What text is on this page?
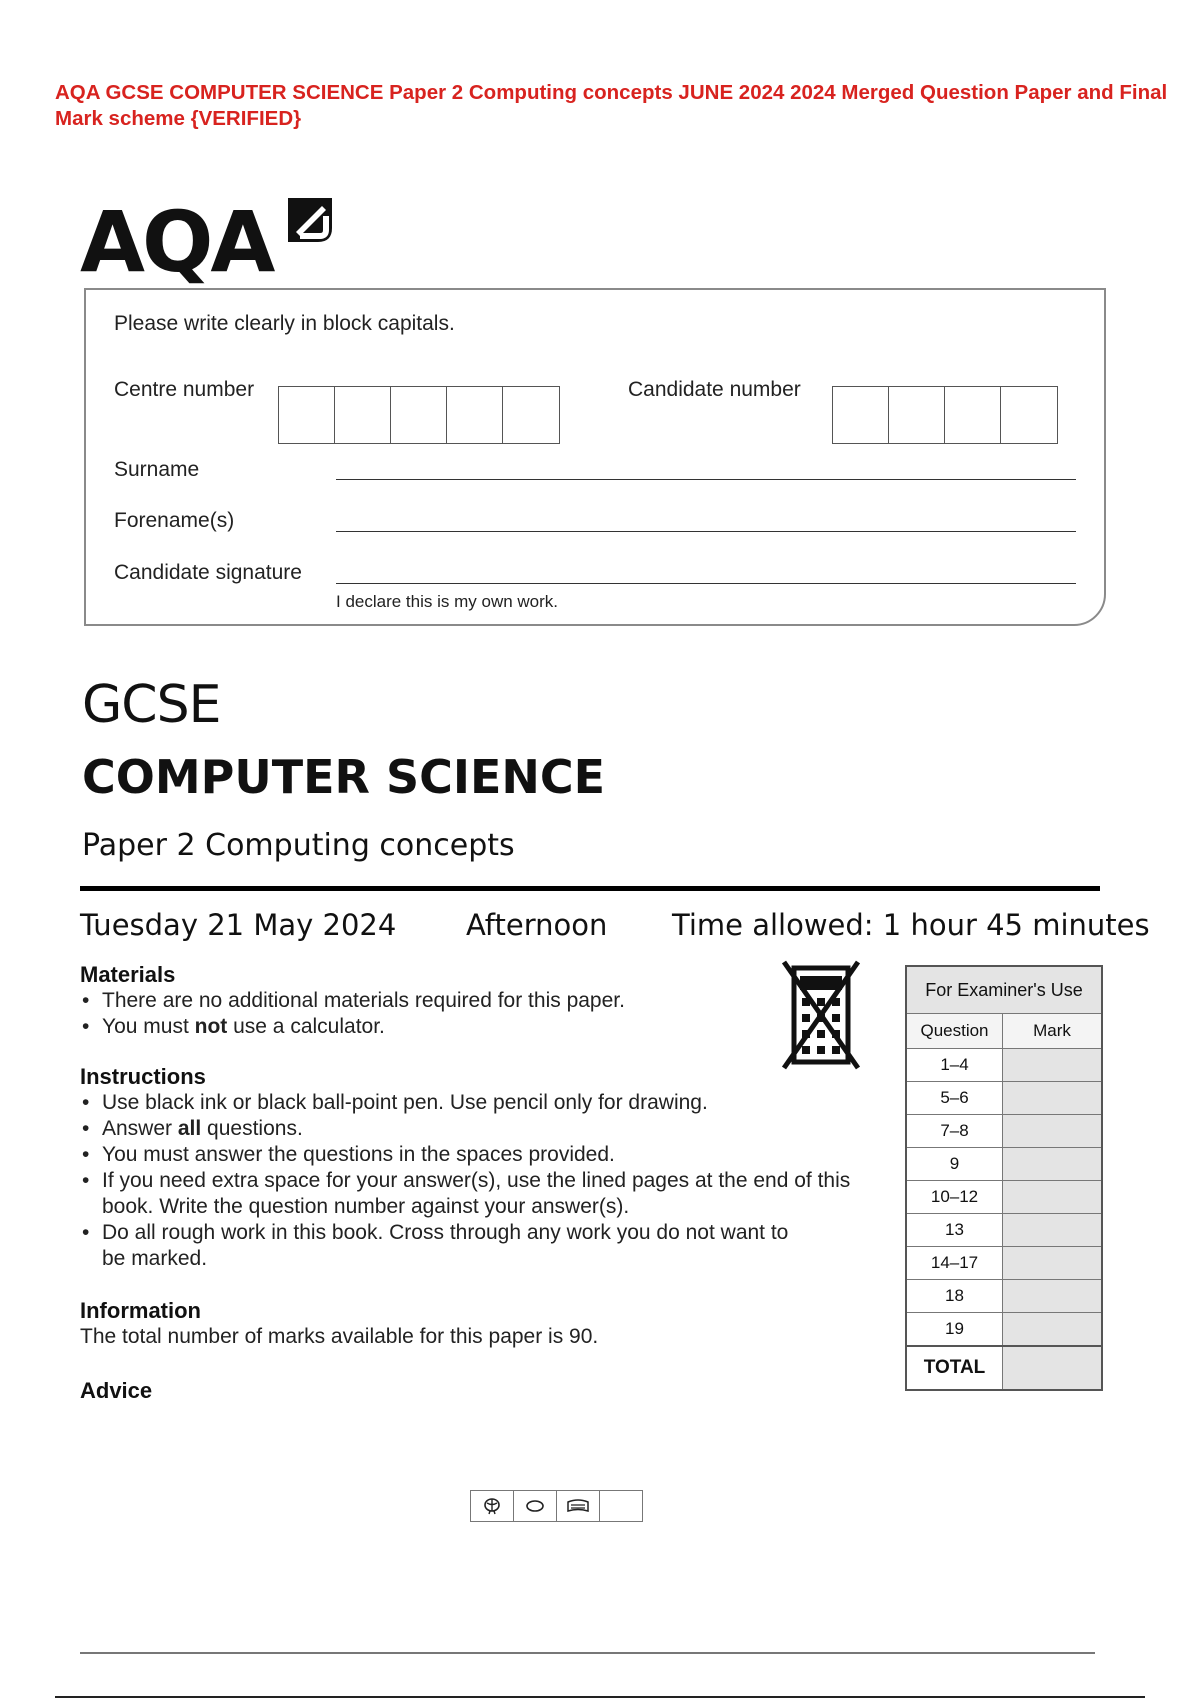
AQA GCSE COMPUTER SCIENCE Paper 2 Computing concepts JUNE 2024 2024 Merged Question Paper and Final Mark scheme {VERIFIED}
AQA
Please write clearly in block capitals.
Centre number	Candidate number
Surname
Forename(s)
Candidate signature
I declare this is my own work.
GCSE
COMPUTER SCIENCE
Paper 2 Computing concepts
Tuesday 21 May 2024 Afternoon Time allowed: 1 hour 45 minutes
Materials
• There are no additional materials required for this paper.
• You must not use a calculator.
Instructions
• Use black ink or black ball-point pen. Use pencil only for drawing.
• Answer all questions.
• You must answer the questions in the spaces provided.
• If you need extra space for your answer(s), use the lined pages at the end of this book. Write the question number against your answer(s).
• Do all rough work in this book. Cross through any work you do not want to be marked.
Information
The total number of marks available for this paper is 90.
Advice
For Examiner's Use	
Question	Mark
1–4	
5–6	
7–8	
9	
10–12	
13	
14–17	
18	
19	
TOTAL	
